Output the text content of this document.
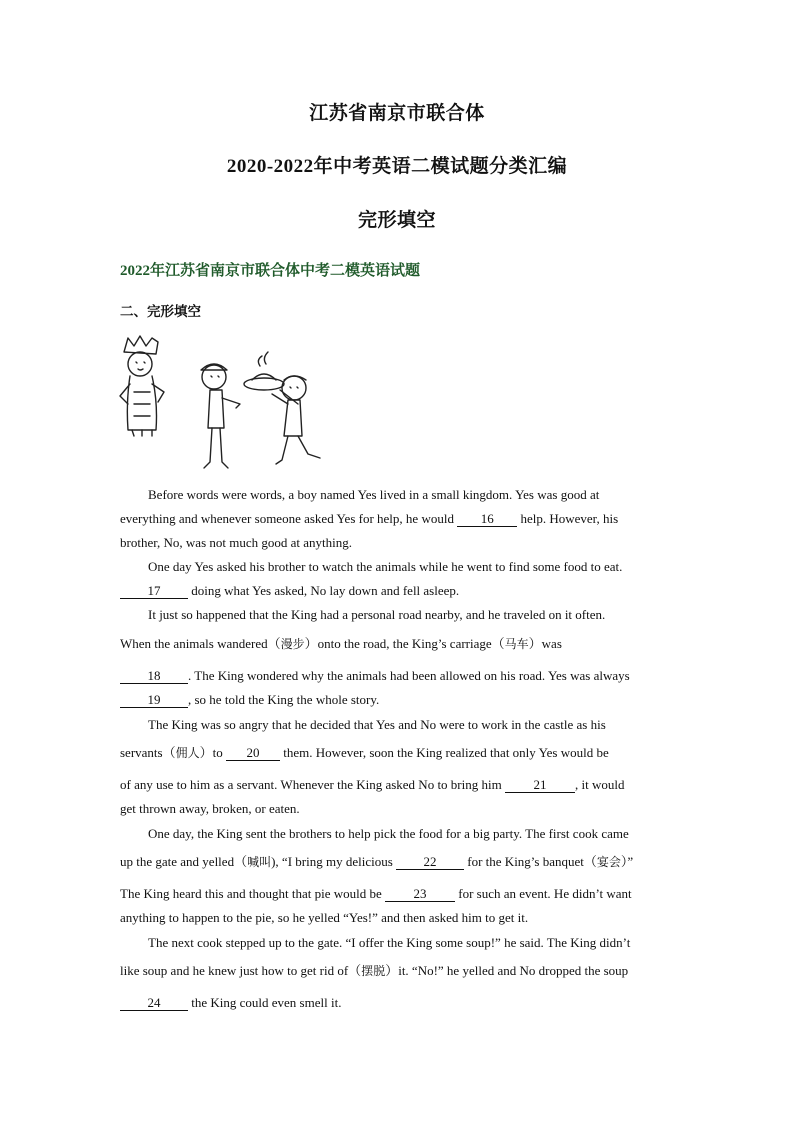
江苏省南京市联合体
2020-2022年中考英语二模试题分类汇编
完形填空
2022年江苏省南京市联合体中考二模英语试题
二、完形填空
Before words were words, a boy named Yes lived in a small kingdom. Yes was good at
everything and whenever someone asked Yes for help, he would 16 help. However, his
brother, No, was not much good at anything.
One day Yes asked his brother to watch the animals while he went to find some food to eat.
17 doing what Yes asked, No lay down and fell asleep.
It just so happened that the King had a personal road nearby, and he traveled on it often.
When the animals wandered（漫步）onto the road, the King’s carriage（马车）was
18 . The King wondered why the animals had been allowed on his road. Yes was always
19 , so he told the King the whole story.
The King was so angry that he decided that Yes and No were to work in the castle as his
servants（佣人）to 20 them. However, soon the King realized that only Yes would be
of any use to him as a servant. Whenever the King asked No to bring him 21 , it would
get thrown away, broken, or eaten.
One day, the King sent the brothers to help pick the food for a big party. The first cook came
up the gate and yelled（喊叫), “I bring my delicious 22 for the King’s banquet（宴会）”
The King heard this and thought that pie would be 23 for such an event. He didn’t want
anything to happen to the pie, so he yelled “Yes!” and then asked him to get it.
The next cook stepped up to the gate. “I offer the King some soup!” he said. The King didn’t
like soup and he knew just how to get rid of（摆脱）it. “No!” he yelled and No dropped the soup
24 the King could even smell it.
